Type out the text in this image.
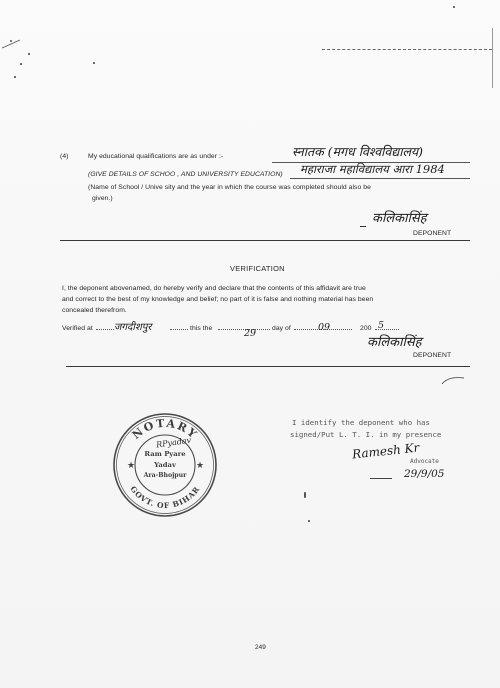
(4)	My educational qualifications are as under :-	स्नातक (मगध विश्वविद्यालय)
(GIVE DETAILS OF SCHOO , AND UNIVERSITY EDUCATION) महाराजा महाविद्यालय आरा 1984
(Name of School / Unive sity and the year in which the course was completed should also be
given.)
कलिकासिंह
DEPONENT
VERIFICATION
I, the deponent abovenamed, do hereby verify and declare that the contents of this affidavit are true
and correct to the best of my knowledge and belief; no part of it is false and nothing material has been
concealed therefrom.
Verified at जगदीशपुर	this the	29 day of	09	200 5
कलिकासिंह
DEPONENT
NOTARY
GOVT. OF BIHAR
★	★
Ram Pyare
Yadav
Ara-Bhojpur
RPyadav
I identify the deponent who has
signed/Put L. T. I. in my presence
Ramesh Kr
Advocate
29/9/05
249
